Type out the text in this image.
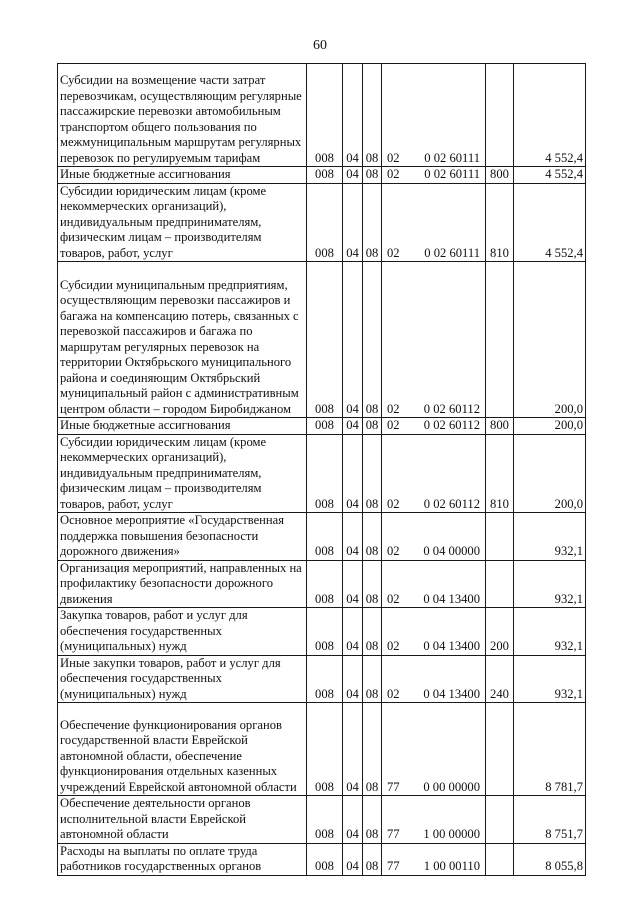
60
Субсидии на возмещение части затрат перевозчикам, осуществляющим регулярные пассажирские перевозки автомобильным транспортом общего пользования по межмуниципальным маршрутам регулярных перевозок по регулируемым тарифам	008	04	08	02 0 02 60111		4 552,4
Иные бюджетные ассигнования	008	04	08	02 0 02 60111	800	4 552,4
Субсидии юридическим лицам (кроме некоммерческих организаций), индивидуальным предпринимателям, физическим лицам – производителям товаров, работ, услуг	008	04	08	02 0 02 60111	810	4 552,4
Субсидии муниципальным предприятиям, осуществляющим перевозки пассажиров и багажа на компенсацию потерь, связанных с перевозкой пассажиров и багажа по маршрутам регулярных перевозок на территории Октябрьского муниципального района и соединяющим Октябрьский муниципальный район с административным центром области – городом Биробиджаном	008	04	08	02 0 02 60112		200,0
Иные бюджетные ассигнования	008	04	08	02 0 02 60112	800	200,0
Субсидии юридическим лицам (кроме некоммерческих организаций), индивидуальным предпринимателям, физическим лицам – производителям товаров, работ, услуг	008	04	08	02 0 02 60112	810	200,0
Основное мероприятие «Государственная поддержка повышения безопасности дорожного движения»	008	04	08	02 0 04 00000		932,1
Организация мероприятий, направленных на профилактику безопасности дорожного движения	008	04	08	02 0 04 13400		932,1
Закупка товаров, работ и услуг для обеспечения государственных (муниципальных) нужд	008	04	08	02 0 04 13400	200	932,1
Иные закупки товаров, работ и услуг для обеспечения государственных (муниципальных) нужд	008	04	08	02 0 04 13400	240	932,1
Обеспечение функционирования органов государственной власти Еврейской автономной области, обеспечение функционирования отдельных казенных учреждений Еврейской автономной области	008	04	08	77 0 00 00000		8 781,7
Обеспечение деятельности органов исполнительной власти Еврейской автономной области	008	04	08	77 1 00 00000		8 751,7
Расходы на выплаты по оплате труда работников государственных органов	008	04	08	77 1 00 00110		8 055,8
